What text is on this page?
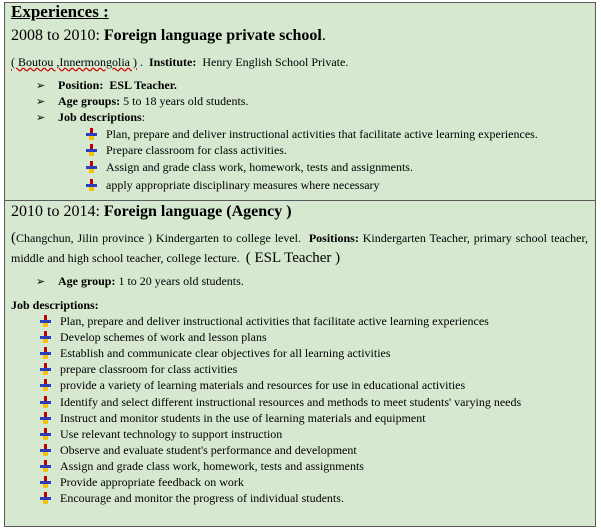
Experiences :
2008 to 2010: Foreign language private school.
( Boutou ,Innermongolia ) . Institute: Henry English School Private.
➢ Position: ESL Teacher.
➢ Age groups: 5 to 18 years old students.
➢ Job descriptions:
Plan, prepare and deliver instructional activities that facilitate active learning experiences.
Prepare classroom for class activities.
Assign and grade class work, homework, tests and assignments.
apply appropriate disciplinary measures where necessary
2010 to 2014: Foreign language (Agency )
(Changchun, Jilin province ) Kindergarten to college level. Positions: Kindergarten Teacher, primary school teacher, middle and high school teacher, college lecture. ( ESL Teacher )
➢ Age group: 1 to 20 years old students.
Job descriptions:
Plan, prepare and deliver instructional activities that facilitate active learning experiences
Develop schemes of work and lesson plans
Establish and communicate clear objectives for all learning activities
prepare classroom for class activities
provide a variety of learning materials and resources for use in educational activities
Identify and select different instructional resources and methods to meet students' varying needs
Instruct and monitor students in the use of learning materials and equipment
Use relevant technology to support instruction
Observe and evaluate student's performance and development
Assign and grade class work, homework, tests and assignments
Provide appropriate feedback on work
Encourage and monitor the progress of individual students.
